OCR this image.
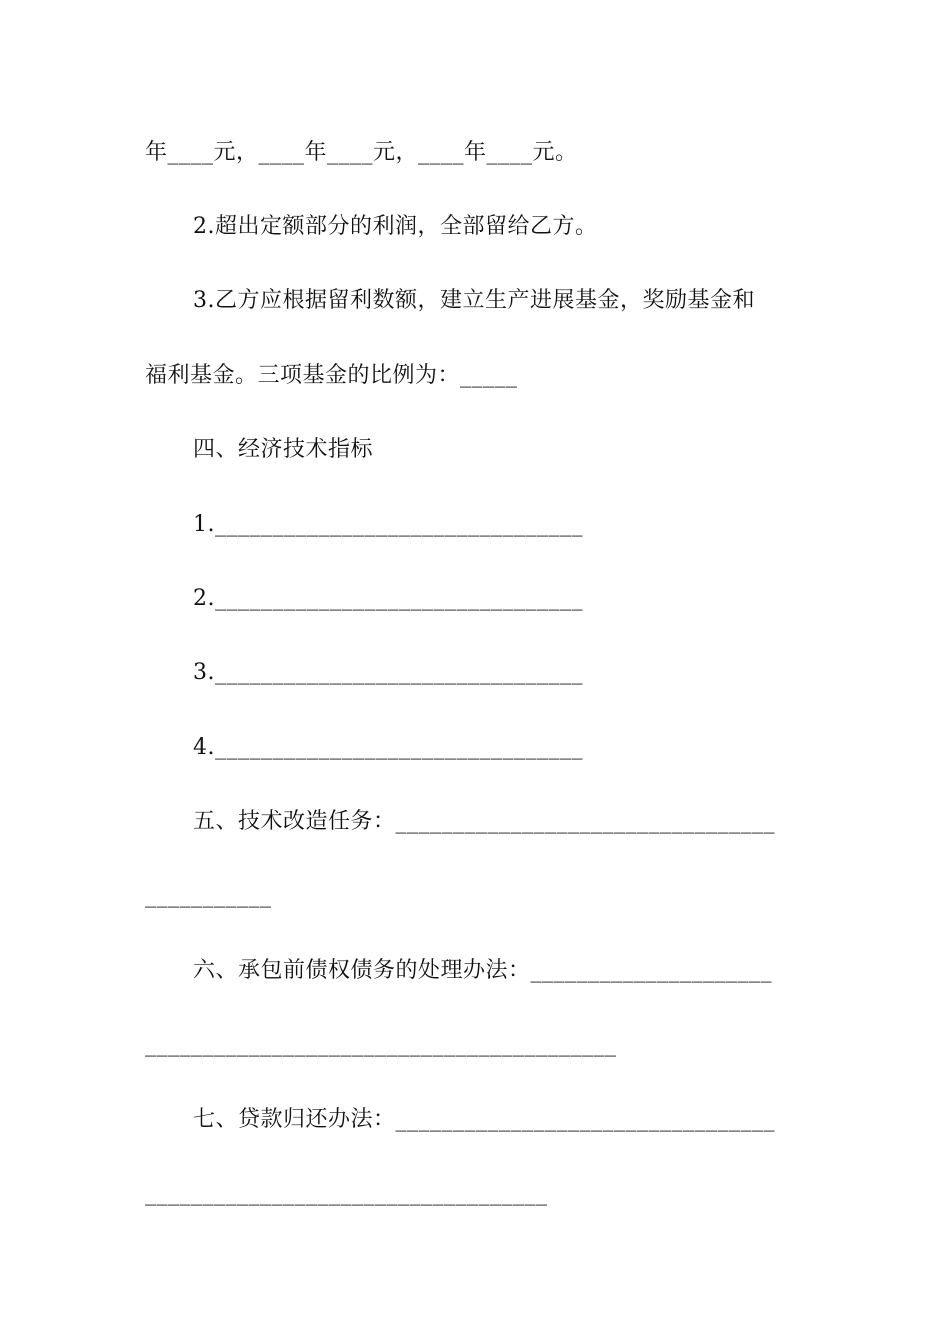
年____元，____年____元，____年____元。
2.超出定额部分的利润，全部留给乙方。
3.乙方应根据留利数额，建立生产进展基金，奖励基金和
福利基金。三项基金的比例为：_____
四、经济技术指标
1.________________________________
2.________________________________
3.________________________________
4.________________________________
五、技术改造任务：_________________________________
___________
六、承包前债权债务的处理办法：_____________________
_________________________________________
七、贷款归还办法：_________________________________
___________________________________
